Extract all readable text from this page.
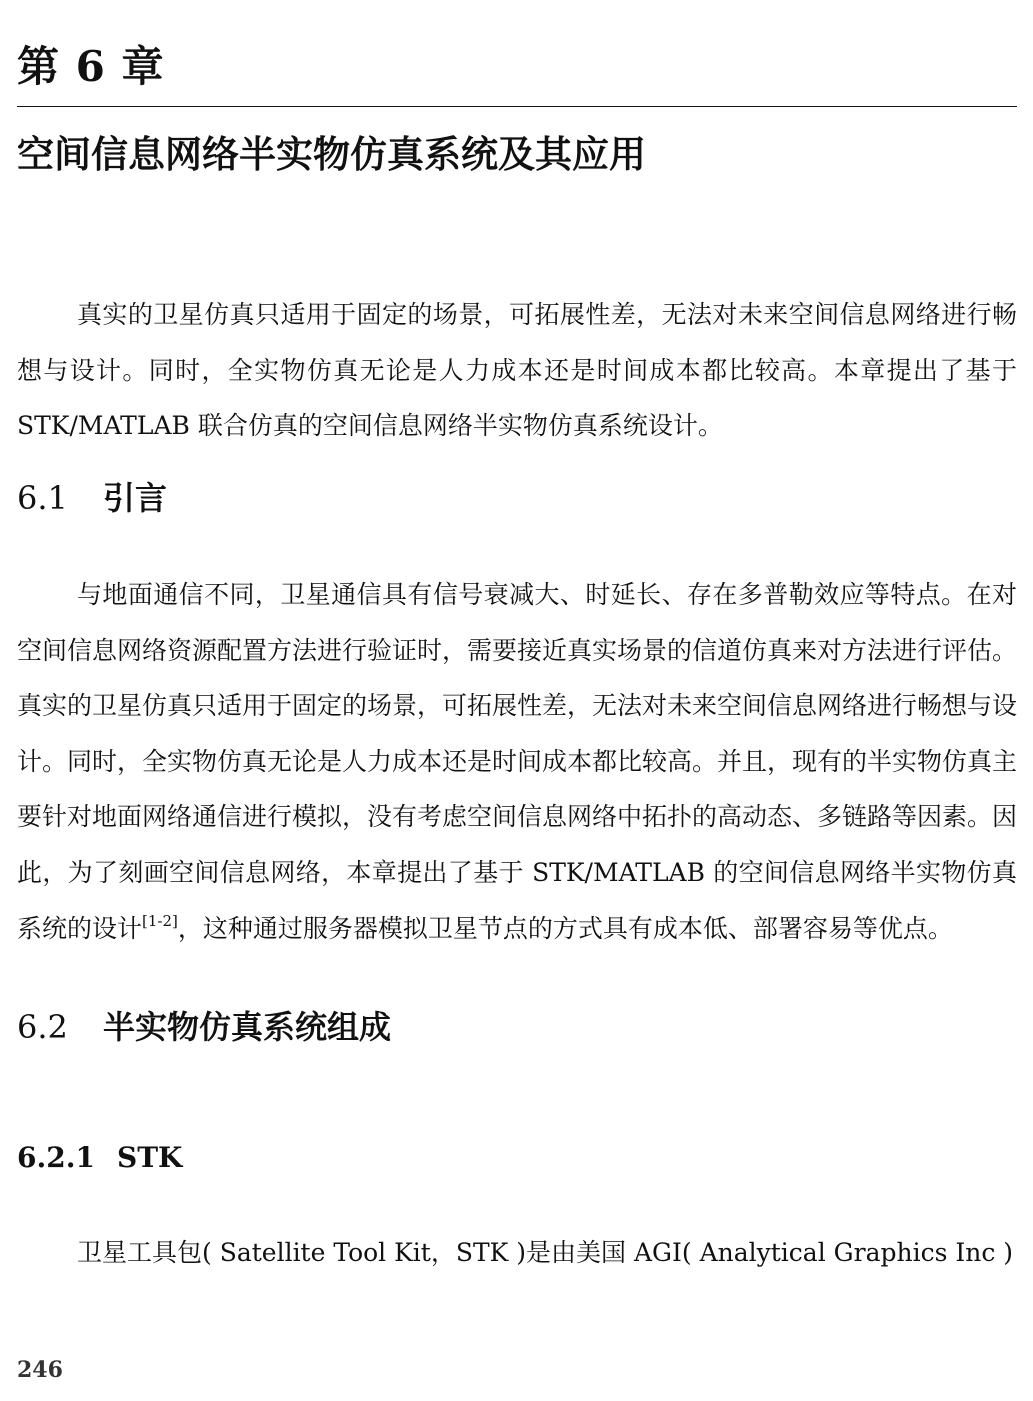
第 6 章
空间信息网络半实物仿真系统及其应用

真实的卫星仿真只适用于固定的场景，可拓展性差，无法对未来空间信息网络进行畅想与设计。同时，全实物仿真无论是人力成本还是时间成本都比较高。本章提出了基于 STK/MATLAB 联合仿真的空间信息网络半实物仿真系统设计。

6.1 引言

与地面通信不同，卫星通信具有信号衰减大、时延长、存在多普勒效应等特点。在对空间信息网络资源配置方法进行验证时，需要接近真实场景的信道仿真来对方法进行评估。真实的卫星仿真只适用于固定的场景，可拓展性差，无法对未来空间信息网络进行畅想与设计。同时，全实物仿真无论是人力成本还是时间成本都比较高。并且，现有的半实物仿真主要针对地面网络通信进行模拟，没有考虑空间信息网络中拓扑的高动态、多链路等因素。因此，为了刻画空间信息网络，本章提出了基于 STK/MATLAB 的空间信息网络半实物仿真系统的设计[1-2]，这种通过服务器模拟卫星节点的方式具有成本低、部署容易等优点。

6.2 半实物仿真系统组成
6.2.1 STK

卫星工具包( Satellite Tool Kit，STK )是由美国 AGI( Analytical Graphics Inc )

246
